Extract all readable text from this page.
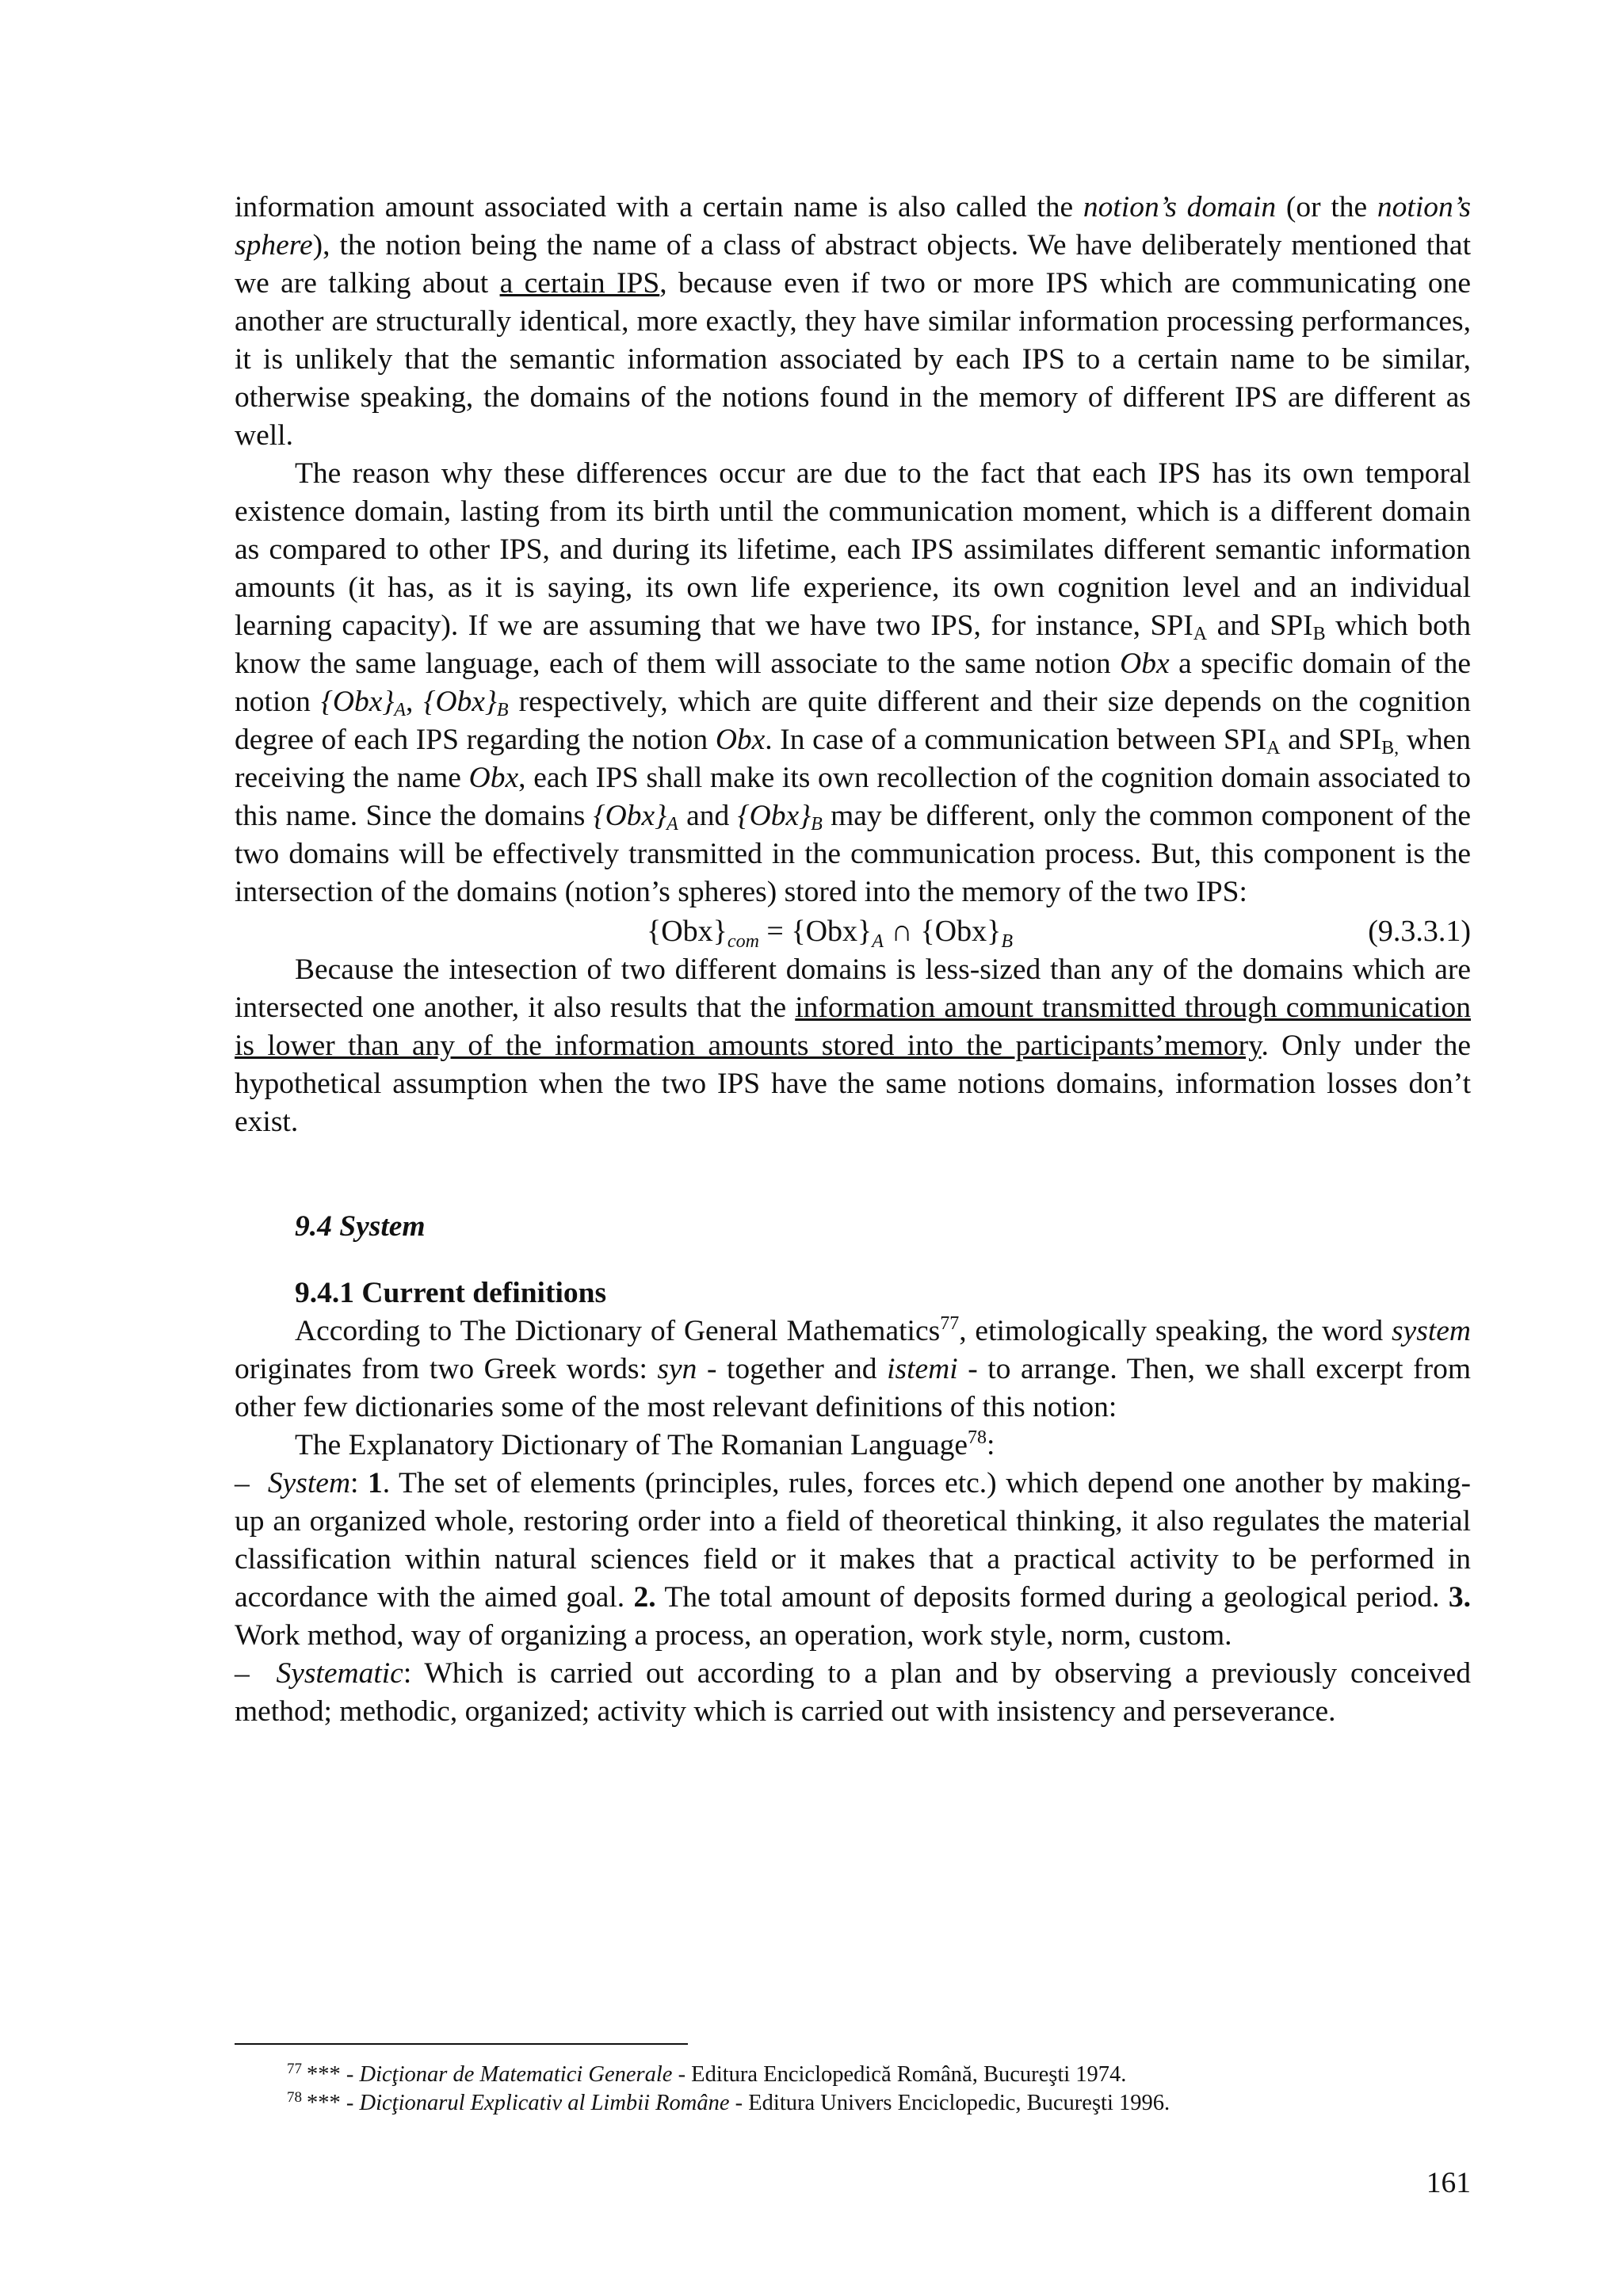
information amount associated with a certain name is also called the notion’s domain (or the notion’s sphere), the notion being the name of a class of abstract objects. We have deliberately mentioned that we are talking about a certain IPS, because even if two or more IPS which are communicating one another are structurally identical, more exactly, they have similar information processing performances, it is unlikely that the semantic information associated by each IPS to a certain name to be similar, otherwise speaking, the domains of the notions found in the memory of different IPS are different as well.

The reason why these differences occur are due to the fact that each IPS has its own temporal existence domain, lasting from its birth until the communication moment, which is a different domain as compared to other IPS, and during its lifetime, each IPS assimilates different semantic information amounts (it has, as it is saying, its own life experience, its own cognition level and an individual learning capacity). If we are assuming that we have two IPS, for instance, $SPI_A$ and $SPI_B$ which both know the same language, each of them will associate to the same notion Obx a specific domain of the notion $\{Obx\}_A$, $\{Obx\}_B$ respectively, which are quite different and their size depends on the cognition degree of each IPS regarding the notion Obx. In case of a communication between $SPI_A$ and $SPI_{B,}$ when receiving the name Obx, each IPS shall make its own recollection of the cognition domain associated to this name. Since the domains $\{Obx\}_A$ and $\{Obx\}_B$ may be different, only the common component of the two domains will be effectively transmitted in the communication process. But, this component is the intersection of the domains (notion’s spheres) stored into the memory of the two IPS:

$\{Obx\}_{com} = \{Obx\}_A$ ∩ $\{Obx\}_B$	(9.3.3.1)

Because the intesection of two different domains is less-sized than any of the domains which are intersected one another, it also results that the information amount transmitted through communication is lower than any of the information amounts stored into the participants’memory. Only under the hypothetical assumption when the two IPS have the same notions domains, information losses don’t exist.

9.4 System
9.4.1 Current definitions

According to The Dictionary of General Mathematics$^{77}$, etimologically speaking, the word system originates from two Greek words: syn - together and istemi - to arrange. Then, we shall excerpt from other few dictionaries some of the most relevant definitions of this notion:

The Explanatory Dictionary of The Romanian Language$^{78}$:

– System: 1. The set of elements (principles, rules, forces etc.) which depend one another by making-up an organized whole, restoring order into a field of theoretical thinking, it also regulates the material classification within natural sciences field or it makes that a practical activity to be performed in accordance with the aimed goal. 2. The total amount of deposits formed during a geological period. 3. Work method, way of organizing a process, an operation, work style, norm, custom.

– Systematic: Which is carried out according to a plan and by observing a previously conceived method; methodic, organized; activity which is carried out with insistency and perseverance.

$^{77}$ *** - Dicţionar de Matematici Generale - Editura Enciclopedică Română, Bucureşti 1974.
$^{78}$ *** - Dicţionarul Explicativ al Limbii Române - Editura Univers Enciclopedic, Bucureşti 1996.
161
